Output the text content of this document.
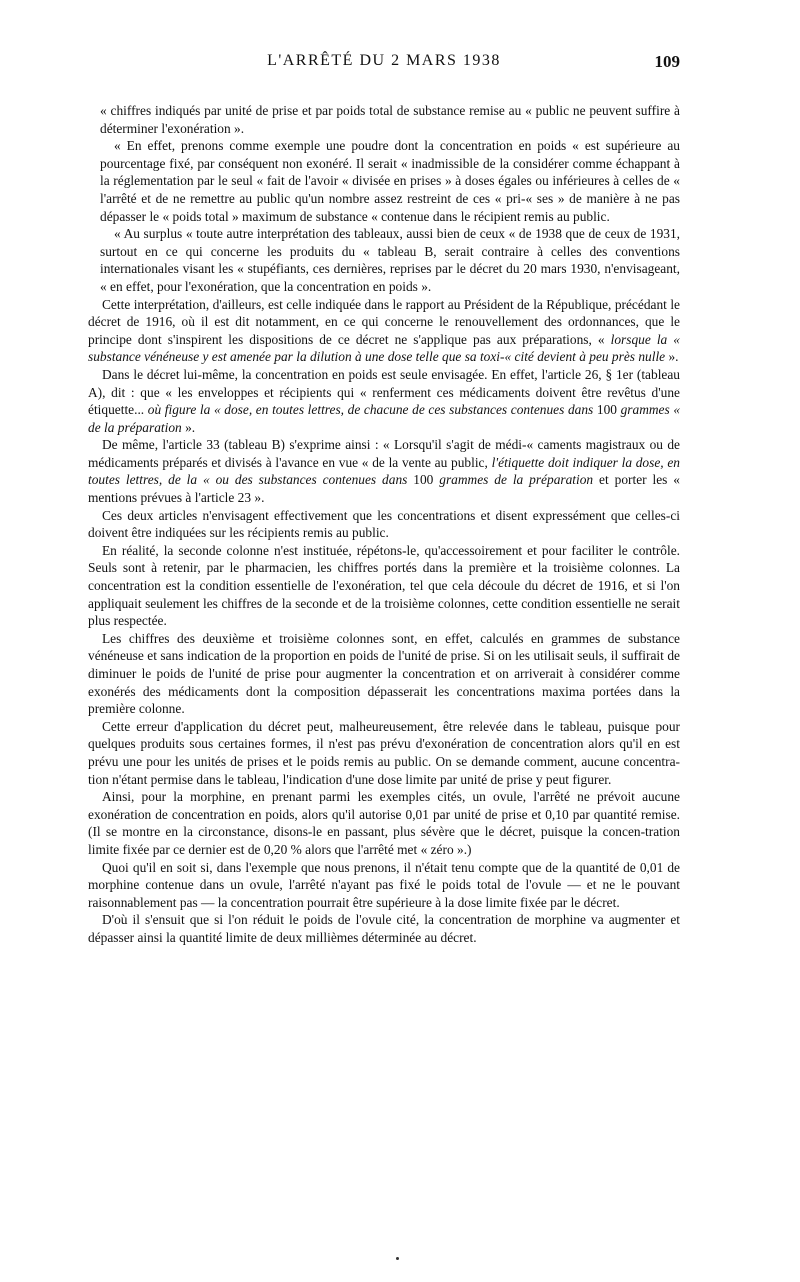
L'ARRÊTÉ DU 2 MARS 1938	109

« chiffres indiqués par unité de prise et par poids total de substance remise au « public ne peuvent suffire à déterminer l'exonération ».

« En effet, prenons comme exemple une poudre dont la concentration en poids « est supérieure au pourcentage fixé, par conséquent non exonéré. Il serait « inadmissible de la considérer comme échappant à la réglementation par le seul « fait de l'avoir « divisée en prises » à doses égales ou inférieures à celles de « l'arrêté et de ne remettre au public qu'un nombre assez restreint de ces « pri-« ses » de manière à ne pas dépasser le « poids total » maximum de substance « contenue dans le récipient remis au public.

« Au surplus « toute autre interprétation des tableaux, aussi bien de ceux « de 1938 que de ceux de 1931, surtout en ce qui concerne les produits du « tableau B, serait contraire à celles des conventions internationales visant les « stupéfiants, ces dernières, reprises par le décret du 20 mars 1930, n'envisageant, « en effet, pour l'exonération, que la concentration en poids ».

Cette interprétation, d'ailleurs, est celle indiquée dans le rapport au Président de la République, précédant le décret de 1916, où il est dit notamment, en ce qui concerne le renouvellement des ordonnances, que le principe dont s'inspirent les dispositions de ce décret ne s'applique pas aux préparations, « lorsque la « substance vénéneuse y est amenée par la dilution à une dose telle que sa toxi-« cité devient à peu près nulle ».

Dans le décret lui-même, la concentration en poids est seule envisagée. En effet, l'article 26, § 1er (tableau A), dit : que « les enveloppes et récipients qui « renferment ces médicaments doivent être revêtus d'une étiquette... où figure la « dose, en toutes lettres, de chacune de ces substances contenues dans 100 grammes « de la préparation ».

De même, l'article 33 (tableau B) s'exprime ainsi : « Lorsqu'il s'agit de médi-« caments magistraux ou de médicaments préparés et divisés à l'avance en vue « de la vente au public, l'étiquette doit indiquer la dose, en toutes lettres, de la « ou des substances contenues dans 100 grammes de la préparation et porter les « mentions prévues à l'article 23 ».

Ces deux articles n'envisagent effectivement que les concentrations et disent expressément que celles-ci doivent être indiquées sur les récipients remis au public.

En réalité, la seconde colonne n'est instituée, répétons-le, qu'accessoirement et pour faciliter le contrôle. Seuls sont à retenir, par le pharmacien, les chiffres portés dans la première et la troisième colonnes. La concentration est la condition essentielle de l'exonération, tel que cela découle du décret de 1916, et si l'on appliquait seulement les chiffres de la seconde et de la troisième colonnes, cette condition essentielle ne serait plus respectée.

Les chiffres des deuxième et troisième colonnes sont, en effet, calculés en grammes de substance vénéneuse et sans indication de la proportion en poids de l'unité de prise. Si on les utilisait seuls, il suffirait de diminuer le poids de l'unité de prise pour augmenter la concentration et on arriverait à considérer comme exonérés des médicaments dont la composition dépasserait les concentrations maxima portées dans la première colonne.

Cette erreur d'application du décret peut, malheureusement, être relevée dans le tableau, puisque pour quelques produits sous certaines formes, il n'est pas prévu d'exonération de concentration alors qu'il en est prévu une pour les unités de prises et le poids remis au public. On se demande comment, aucune concentra-tion n'étant permise dans le tableau, l'indication d'une dose limite par unité de prise y peut figurer.

Ainsi, pour la morphine, en prenant parmi les exemples cités, un ovule, l'arrêté ne prévoit aucune exonération de concentration en poids, alors qu'il autorise 0,01 par unité de prise et 0,10 par quantité remise. (Il se montre en la circonstance, disons-le en passant, plus sévère que le décret, puisque la concen-tration limite fixée par ce dernier est de 0,20 % alors que l'arrêté met « zéro ».)

Quoi qu'il en soit si, dans l'exemple que nous prenons, il n'était tenu compte que de la quantité de 0,01 de morphine contenue dans un ovule, l'arrêté n'ayant pas fixé le poids total de l'ovule — et ne le pouvant raisonnablement pas — la concentration pourrait être supérieure à la dose limite fixée par le décret.

D'où il s'ensuit que si l'on réduit le poids de l'ovule cité, la concentration de morphine va augmenter et dépasser ainsi la quantité limite de deux millièmes déterminée au décret.
